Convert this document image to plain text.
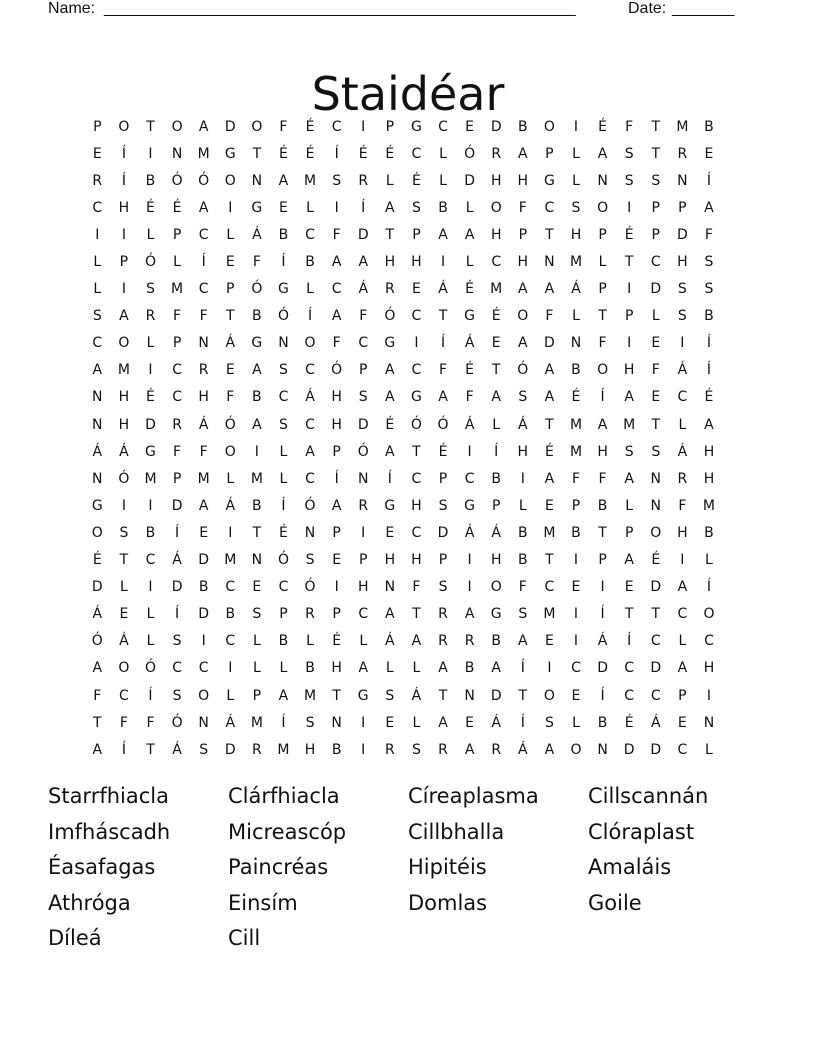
Name: _____________________________________________________	Date: _______
Staidéar
P	O	T	O	A	D	O	F	É	C	I	P	G	C	E	D	B	O	I	É	F	T	M	B
E	Í	I	N	M	G	T	É	É	Í	É	É	C	L	Ó	R	A	P	L	A	S	T	R	E
R	Í	B	Ó	Ó	O	N	A	M	S	R	L	É	L	D	H	H	G	L	N	S	S	N	Í
C	H	É	É	A	I	G	E	L	I	Í	A	S	B	L	O	F	C	S	O	I	P	P	A
I	I	L	P	C	L	Á	B	C	F	D	T	P	A	A	H	P	T	H	P	É	P	D	F
L	P	Ó	L	Í	E	F	Í	B	A	A	H	H	I	L	C	H	N	M	L	T	C	H	S
L	I	S	M	C	P	Ó	G	L	C	Á	R	E	Á	É	M	A	A	Á	P	I	D	S	S
S	A	R	F	F	T	B	Ó	Í	A	F	Ó	C	T	G	É	O	F	L	T	P	L	S	B
C	O	L	P	N	Á	G	N	O	F	C	G	I	Í	Á	E	A	D	N	F	I	E	I	Í
A	M	I	C	R	E	A	S	C	Ó	P	A	C	F	É	T	Ó	A	B	O	H	F	Á	Í
N	H	É	C	H	F	B	C	Á	H	S	A	G	A	F	A	S	A	É	Í	A	E	C	É
N	H	D	R	Á	Ó	A	S	C	H	D	É	Ó	Ó	Á	L	Á	T	M	A	M	T	L	A
Á	Á	G	F	F	O	I	L	A	P	Ó	A	T	É	I	Í	H	É	M	H	S	S	Á	H
N	Ó	M	P	M	L	M	L	C	Í	N	Í	C	P	C	B	I	A	F	F	A	N	R	H
G	I	I	D	A	Á	B	Í	Ó	A	R	G	H	S	G	P	L	E	P	B	L	N	F	M
O	S	B	Í	E	I	T	É	N	P	I	E	C	D	Á	Á	B	M	B	T	P	O	H	B
É	T	C	Á	D	M	N	Ó	S	E	P	H	H	P	I	H	B	T	I	P	A	É	I	L
D	L	I	D	B	C	E	C	Ó	I	H	N	F	S	I	O	F	C	E	I	E	D	A	Í
Á	E	L	Í	D	B	S	P	R	P	C	A	T	R	A	G	S	M	I	Í	T	T	C	O
Ó	Á	L	S	I	C	L	B	L	É	L	Á	A	R	R	B	A	E	I	Á	Í	C	L	C
A	O	Ó	C	C	I	L	L	B	H	A	L	L	A	B	A	Í	I	C	D	C	D	A	H
F	C	Í	S	O	L	P	A	M	T	G	S	Á	T	N	D	T	O	E	Í	C	C	P	I
T	F	F	Ó	N	Á	M	Í	S	N	I	E	L	A	E	Á	Í	S	L	B	É	Á	E	N
A	Í	T	Á	S	D	R	M	H	B	I	R	S	R	A	R	Á	A	O	N	D	D	C	L
Starrfhiacla	Clárfhiacla	Círeaplasma	Cillscannán
Imfháscadh	Micreascóp	Cillbhalla	Clóraplast
Éasafagas	Paincréas	Hipitéis	Amaláis
Athróga	Einsím	Domlas	Goile
Díleá	Cill
